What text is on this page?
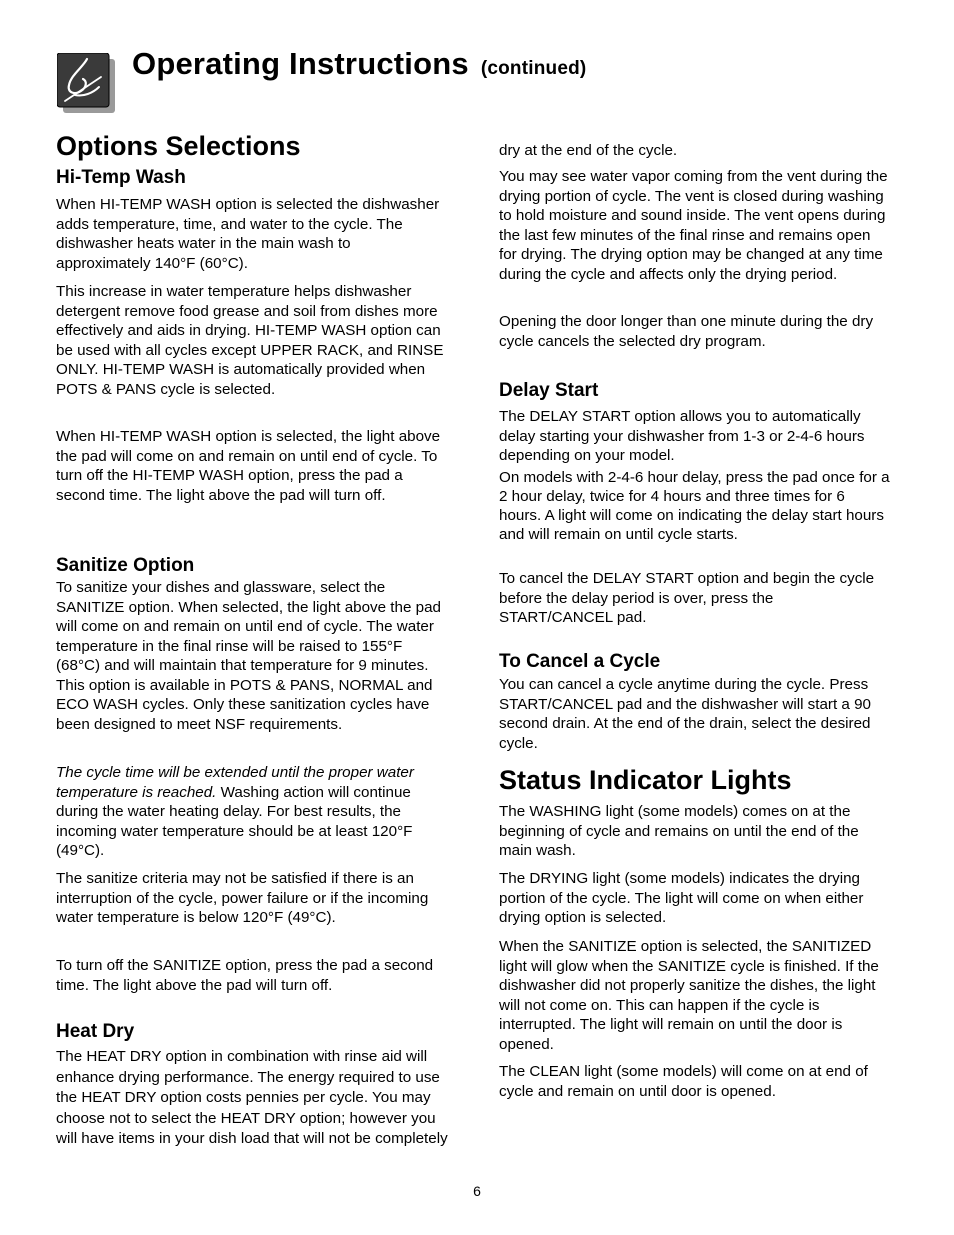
Operating Instructions (continued)
Options Selections
Hi-Temp Wash

When HI-TEMP WASH option is selected the dishwasher adds temperature, time, and water to the cycle. The dishwasher heats water in the main wash to approximately 140°F (60°C).

This increase in water temperature helps dishwasher detergent remove food grease and soil from dishes more effectively and aids in drying. HI-TEMP WASH option can be used with all cycles except UPPER RACK, and RINSE ONLY. HI-TEMP WASH is automatically provided when POTS & PANS cycle is selected.

When HI-TEMP WASH option is selected, the light above the pad will come on and remain on until end of cycle. To turn off the HI-TEMP WASH option, press the pad a second time. The light above the pad will turn off.

Sanitize Option

To sanitize your dishes and glassware, select the SANITIZE option. When selected, the light above the pad will come on and remain on until end of cycle. The water temperature in the final rinse will be raised to 155°F (68°C) and will maintain that temperature for 9 minutes. This option is available in POTS & PANS, NORMAL and ECO WASH cycles. Only these sanitization cycles have been designed to meet NSF requirements.

The cycle time will be extended until the proper water temperature is reached. Washing action will continue during the water heating delay. For best results, the incoming water temperature should be at least 120°F (49°C).

The sanitize criteria may not be satisfied if there is an interruption of the cycle, power failure or if the incoming water temperature is below 120°F (49°C).

To turn off the SANITIZE option, press the pad a second time. The light above the pad will turn off.

Heat Dry

The HEAT DRY option in combination with rinse aid will enhance drying performance. The energy required to use the HEAT DRY option costs pennies per cycle. You may choose not to select the HEAT DRY option; however you will have items in your dish load that will not be completely

dry at the end of the cycle.

You may see water vapor coming from the vent during the drying portion of cycle. The vent is closed during washing to hold moisture and sound inside. The vent opens during the last few minutes of the final rinse and remains open for drying. The drying option may be changed at any time during the cycle and affects only the drying period.

Opening the door longer than one minute during the dry cycle cancels the selected dry program.

Delay Start

The DELAY START option allows you to automatically delay starting your dishwasher from 1-3 or 2-4-6 hours depending on your model.

On models with 2-4-6 hour delay, press the pad once for a 2 hour delay, twice for 4 hours and three times for 6 hours. A light will come on indicating the delay start hours and will remain on until cycle starts.

To cancel the DELAY START option and begin the cycle before the delay period is over, press the START/CANCEL pad.

To Cancel a Cycle

You can cancel a cycle anytime during the cycle. Press START/CANCEL pad and the dishwasher will start a 90 second drain. At the end of the drain, select the desired cycle.

Status Indicator Lights

The WASHING light (some models) comes on at the beginning of cycle and remains on until the end of the main wash.

The DRYING light (some models) indicates the drying portion of the cycle. The light will come on when either drying option is selected.

When the SANITIZE option is selected, the SANITIZED light will glow when the SANITIZE cycle is finished. If the dishwasher did not properly sanitize the dishes, the light will not come on. This can happen if the cycle is interrupted. The light will remain on until the door is opened.

The CLEAN light (some models) will come on at end of cycle and remain on until door is opened.

6
